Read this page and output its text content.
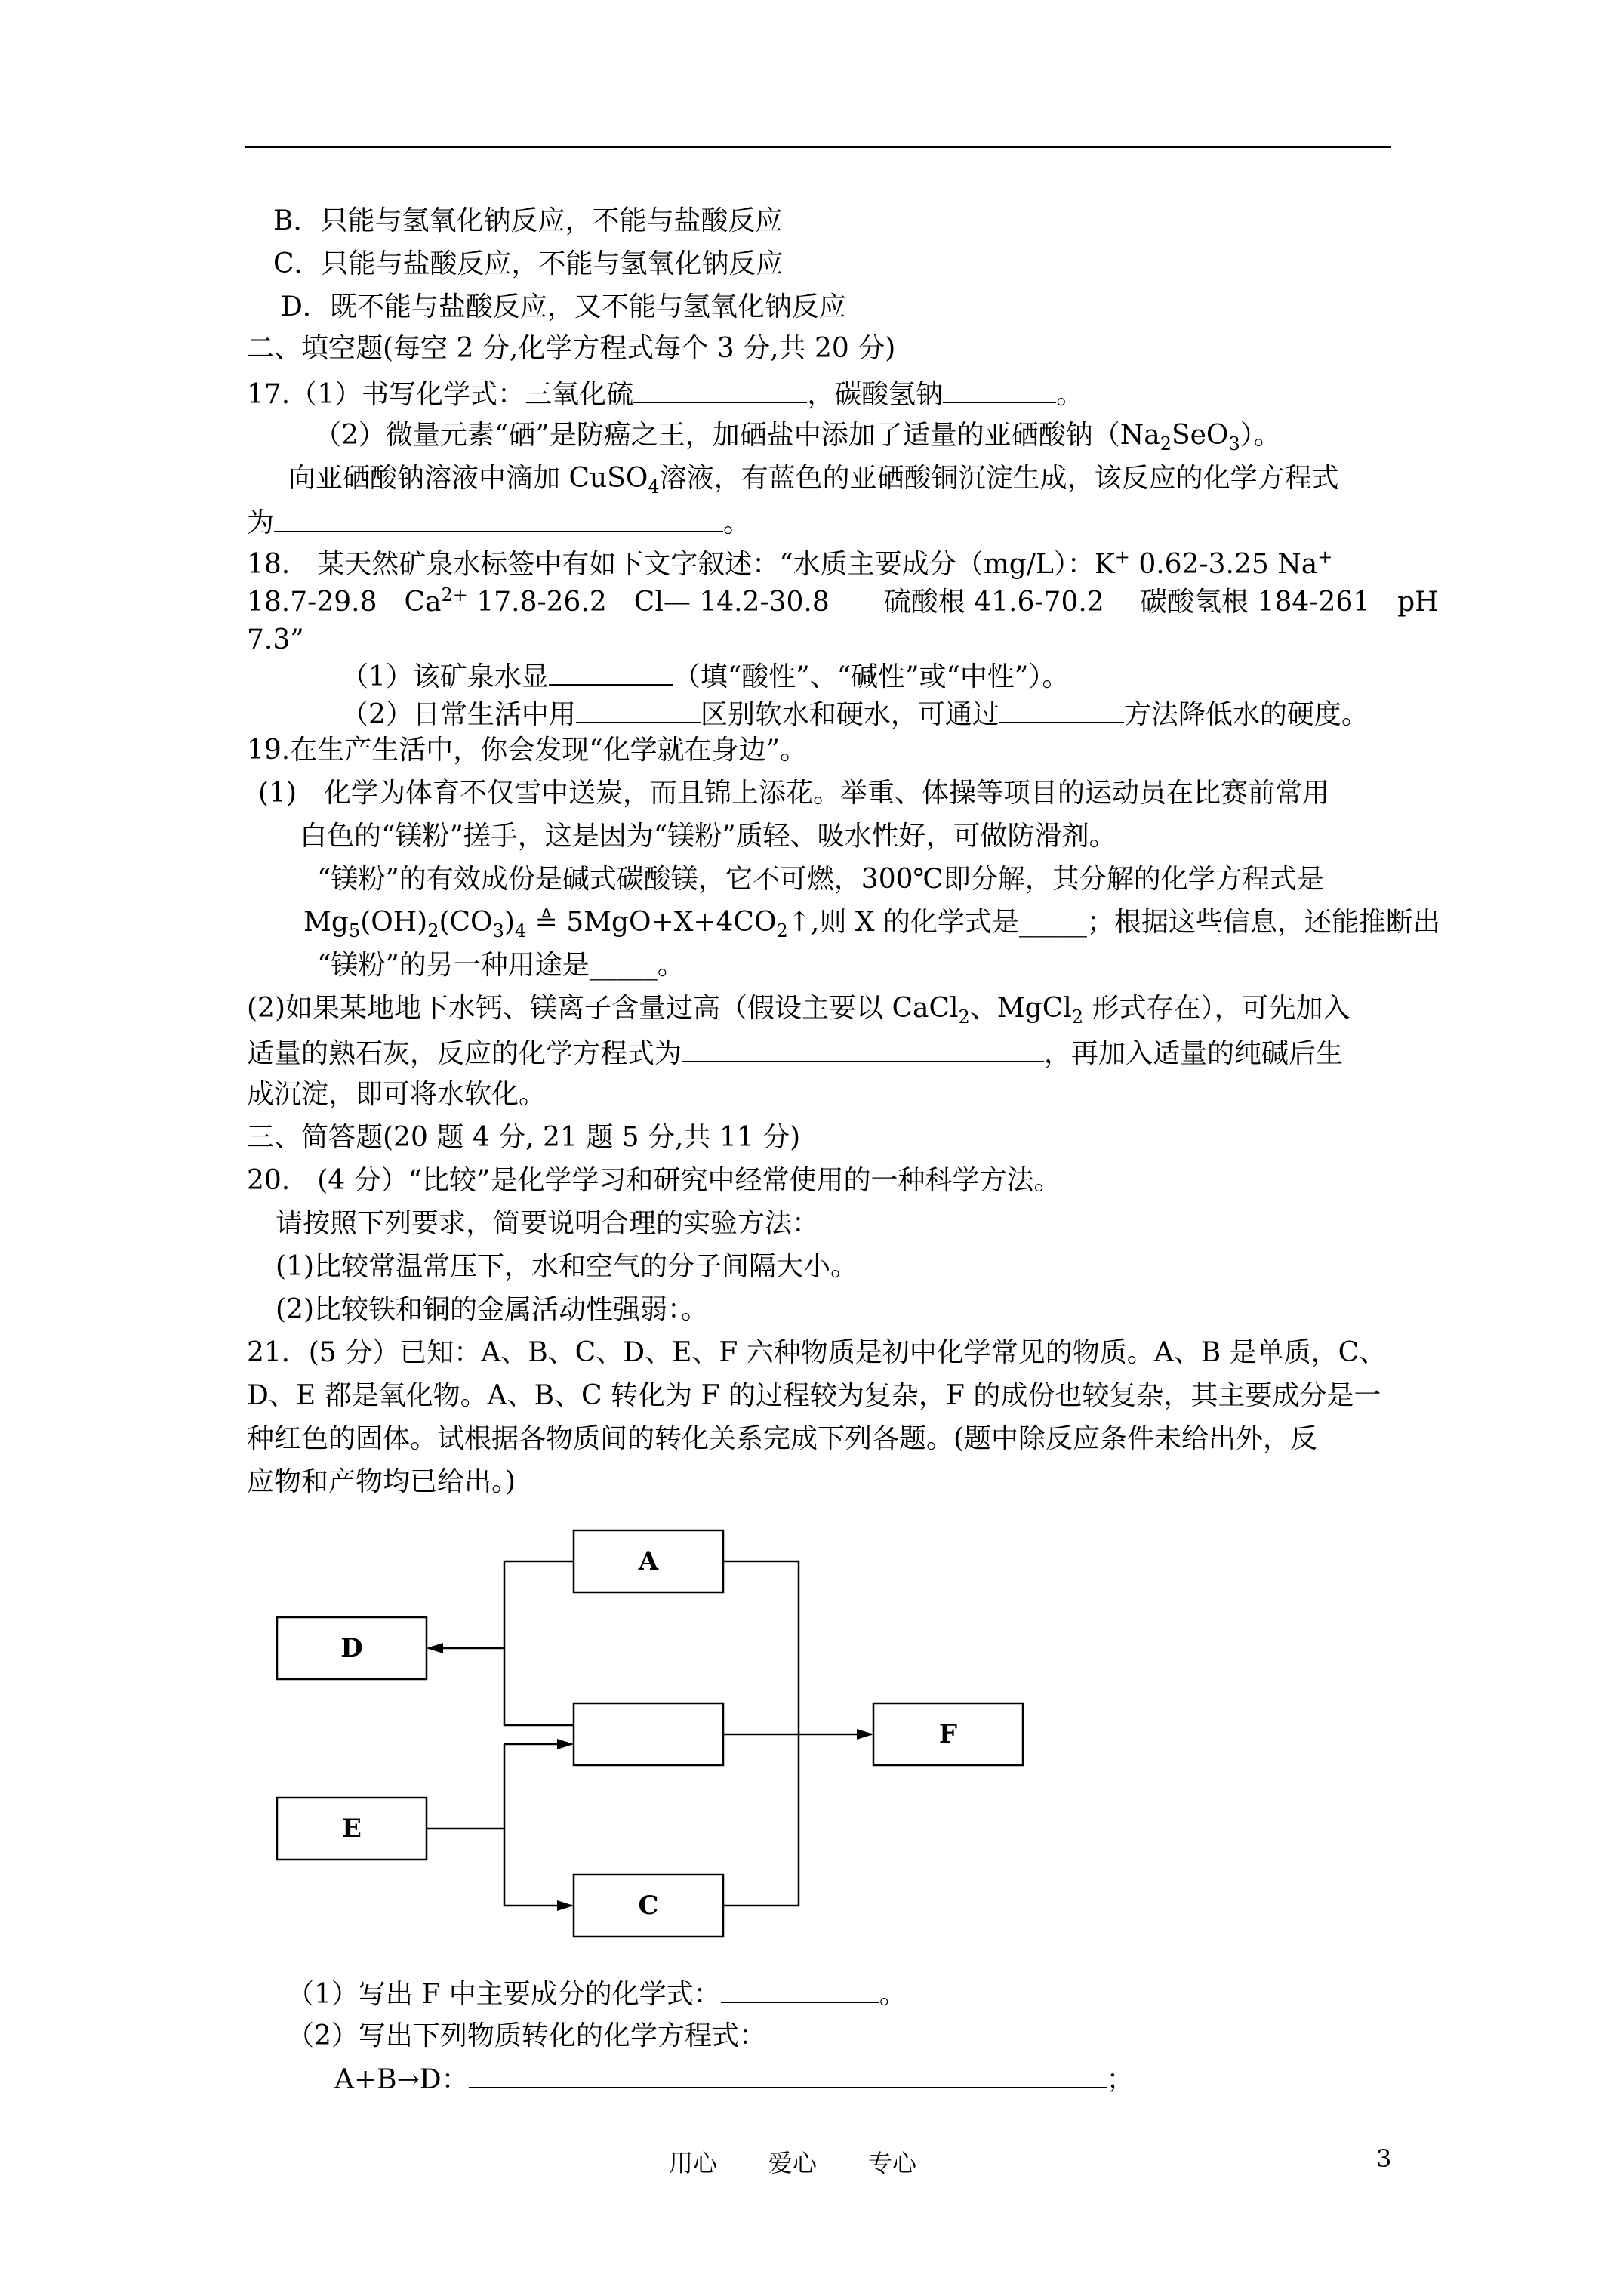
B．只能与氢氧化钠反应，不能与盐酸反应
C．只能与盐酸反应，不能与氢氧化钠反应
D．既不能与盐酸反应，又不能与氢氧化钠反应
二、填空题(每空 2 分,化学方程式每个 3 分,共 20 分)
17.（1）书写化学式：三氧化硫	，碳酸氢钠	。
（2）微量元素“硒”是防癌之王，加硒盐中添加了适量的亚硒酸钠$(Na_2SeO_3)$。
向亚硒酸钠溶液中滴加 CuSO$_4$溶液，有蓝色的亚硒酸铜沉淀生成，该反应的化学方程式
为	。
18.　某天然矿泉水标签中有如下文字叙述：“水质主要成分（mg/L）：K+ 0.62-3.25 Na+
18.7-29.8　$Ca^{2+}$ 17.8-26.2　Cl— 14.2-30.8　　硫酸根 41.6-70.2　 碳酸氢根 184-261　pH
7.3”
（1）该矿泉水显	（填“酸性”、“碱性”或“中性”）。
（2）日常生活中用	区别软水和硬水，可通过	方法降低水的硬度。
19.在生产生活中，你会发现“化学就在身边”。
(1)　化学为体育不仅雪中送炭，而且锦上添花。举重、体操等项目的运动员在比赛前常用
白色的“镁粉”搓手，这是因为“镁粉”质轻、吸水性好，可做防滑剂。
“镁粉”的有效成份是碱式碳酸镁，它不可燃，300℃即分解，其分解的化学方程式是
$Mg_5(OH)_2(CO_3)_4$ ≜ $5MgO+X+4CO_2↑$,则 X 的化学式是_____；根据这些信息，还能推断出
“镁粉”的另一种用途是_____。
(2)如果某地地下水钙、镁离子含量过高（假设主要以 CaCl$_2$、MgCl$_2$ 形式存在），可先加入
适量的熟石灰，反应的化学方程式为	，再加入适量的纯碱后生
成沉淀，即可将水软化。
三、简答题(20 题 4 分, 21 题 5 分,共 11 分)
20.　(4 分）“比较”是化学学习和研究中经常使用的一种科学方法。
请按照下列要求，简要说明合理的实验方法：
(1)比较常温常压下，水和空气的分子间隔大小。
(2)比较铁和铜的金属活动性强弱：。
21．(5 分）已知：A、B、C、D、E、F 六种物质是初中化学常见的物质。A、B 是单质，C、
D、E 都是氧化物。A、B、C 转化为 F 的过程较为复杂，F 的成份也较复杂，其主要成分是一
种红色的固体。试根据各物质间的转化关系完成下列各题。(题中除反应条件未给出外，反
应物和产物均已给出。)
A
D
F
E
C
（1）写出 F 中主要成分的化学式：	。
（2）写出下列物质转化的化学方程式：
A+B→D：	；
用心 爱心 专心	3
